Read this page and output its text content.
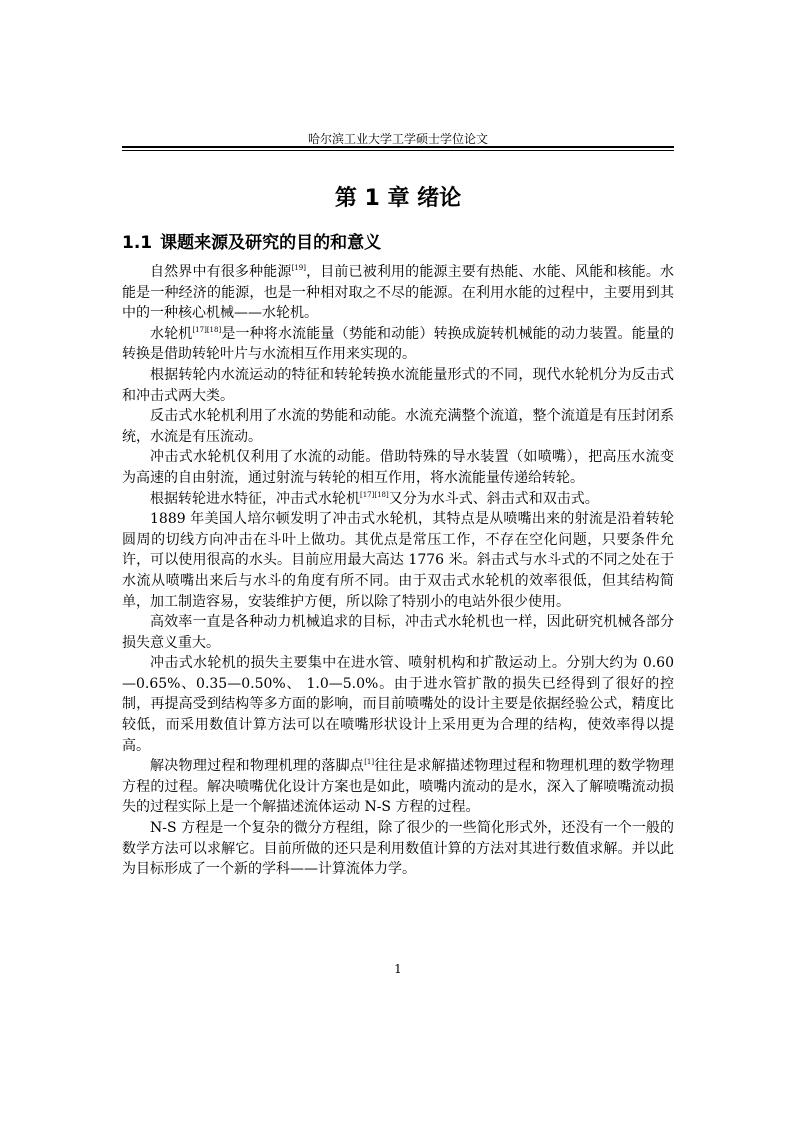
哈尔滨工业大学工学硕士学位论文
第 1 章 绪论
1.1 课题来源及研究的目的和意义

自然界中有很多种能源[19]，目前已被利用的能源主要有热能、水能、风能和核能。水能是一种经济的能源，也是一种相对取之不尽的能源。在利用水能的过程中，主要用到其中的一种核心机械——水轮机。

水轮机[17][18]是一种将水流能量（势能和动能）转换成旋转机械能的动力装置。能量的转换是借助转轮叶片与水流相互作用来实现的。

根据转轮内水流运动的特征和转轮转换水流能量形式的不同，现代水轮机分为反击式和冲击式两大类。

反击式水轮机利用了水流的势能和动能。水流充满整个流道，整个流道是有压封闭系统，水流是有压流动。

冲击式水轮机仅利用了水流的动能。借助特殊的导水装置（如喷嘴），把高压水流变为高速的自由射流，通过射流与转轮的相互作用，将水流能量传递给转轮。

根据转轮进水特征，冲击式水轮机[17][18]又分为水斗式、斜击式和双击式。

1889 年美国人培尔顿发明了冲击式水轮机，其特点是从喷嘴出来的射流是沿着转轮圆周的切线方向冲击在斗叶上做功。其优点是常压工作，不存在空化问题，只要条件允许，可以使用很高的水头。目前应用最大高达 1776 米。斜击式与水斗式的不同之处在于水流从喷嘴出来后与水斗的角度有所不同。由于双击式水轮机的效率很低，但其结构简单，加工制造容易，安装维护方便，所以除了特别小的电站外很少使用。

高效率一直是各种动力机械追求的目标，冲击式水轮机也一样，因此研究机械各部分损失意义重大。

冲击式水轮机的损失主要集中在进水管、喷射机构和扩散运动上。分别大约为 0.60—0.65%、0.35—0.50%、 1.0—5.0%。由于进水管扩散的损失已经得到了很好的控制，再提高受到结构等多方面的影响，而目前喷嘴处的设计主要是依据经验公式，精度比较低，而采用数值计算方法可以在喷嘴形状设计上采用更为合理的结构，使效率得以提高。

解决物理过程和物理机理的落脚点[1]往往是求解描述物理过程和物理机理的数学物理方程的过程。解决喷嘴优化设计方案也是如此，喷嘴内流动的是水，深入了解喷嘴流动损失的过程实际上是一个解描述流体运动 N-S 方程的过程。

N-S 方程是一个复杂的微分方程组，除了很少的一些简化形式外，还没有一个一般的数学方法可以求解它。目前所做的还只是利用数值计算的方法对其进行数值求解。并以此为目标形成了一个新的学科——计算流体力学。

1
